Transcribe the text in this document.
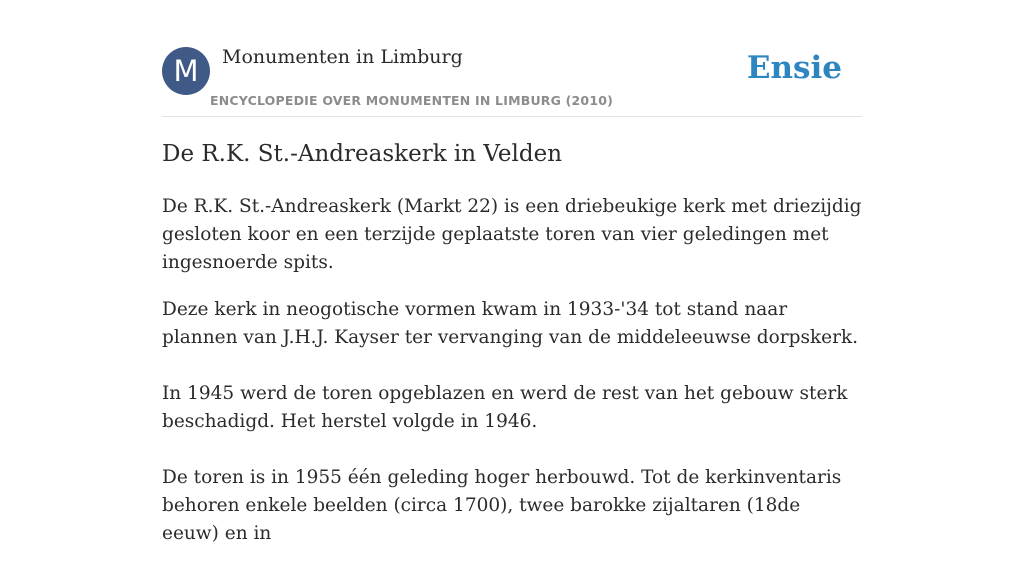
M	Monumenten in Limburg
ENCYCLOPEDIE OVER MONUMENTEN IN LIMBURG (2010)
Ensie
De R.K. St.-Andreaskerk in Velden

De R.K. St.-Andreaskerk (Markt 22) is een driebeukige kerk met driezijdig gesloten koor en een terzijde geplaatste toren van vier geledingen met ingesnoerde spits.

Deze kerk in neogotische vormen kwam in 1933-'34 tot stand naar plannen van J.H.J. Kayser ter vervanging van de middeleeuwse dorpskerk.

In 1945 werd de toren opgeblazen en werd de rest van het gebouw sterk beschadigd. Het herstel volgde in 1946.

De toren is in 1955 één geleding hoger herbouwd. Tot de kerkinventaris behoren enkele beelden (circa 1700), twee barokke zijaltaren (18de eeuw) en in
